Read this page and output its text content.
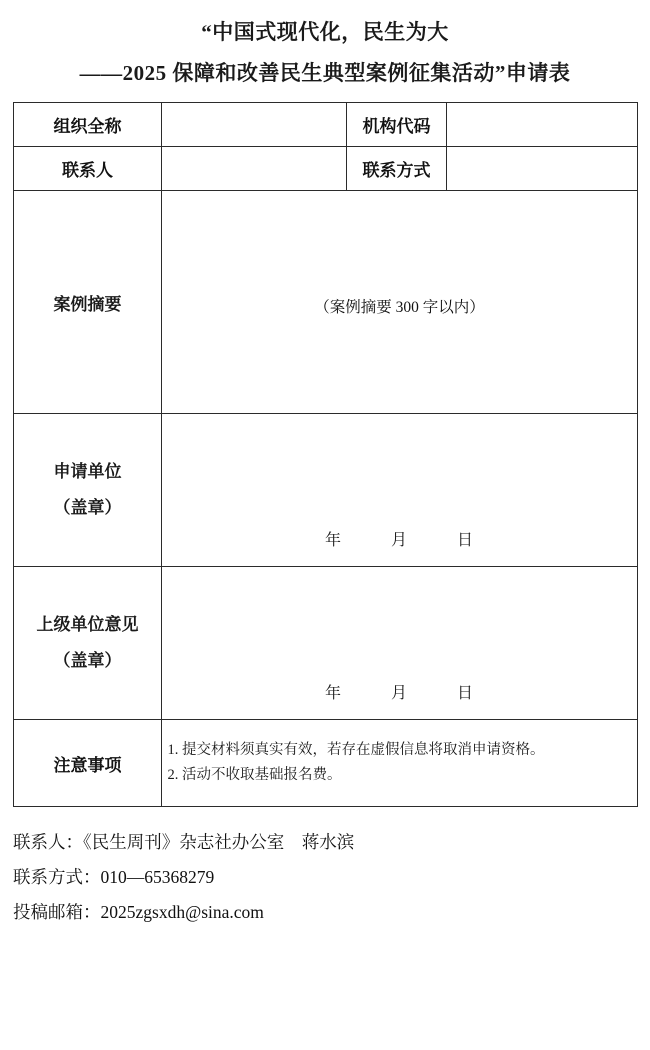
“中国式现代化，民生为大
——2025 保障和改善民生典型案例征集活动”申请表
组织全称		机构代码	
联系人		联系方式	
案例摘要	（案例摘要 300 字以内）		

申请单位
（盖章）	年 月 日		

上级单位意见
（盖章）	年 月 日		

注意事项	
1. 提交材料须真实有效，若存在虚假信息将取消申请资格。
2. 活动不收取基础报名费。
联系人：《民生周刊》杂志社办公室　蒋水滨
联系方式：010—65368279
投稿邮箱：2025zgsxdh@sina.com
